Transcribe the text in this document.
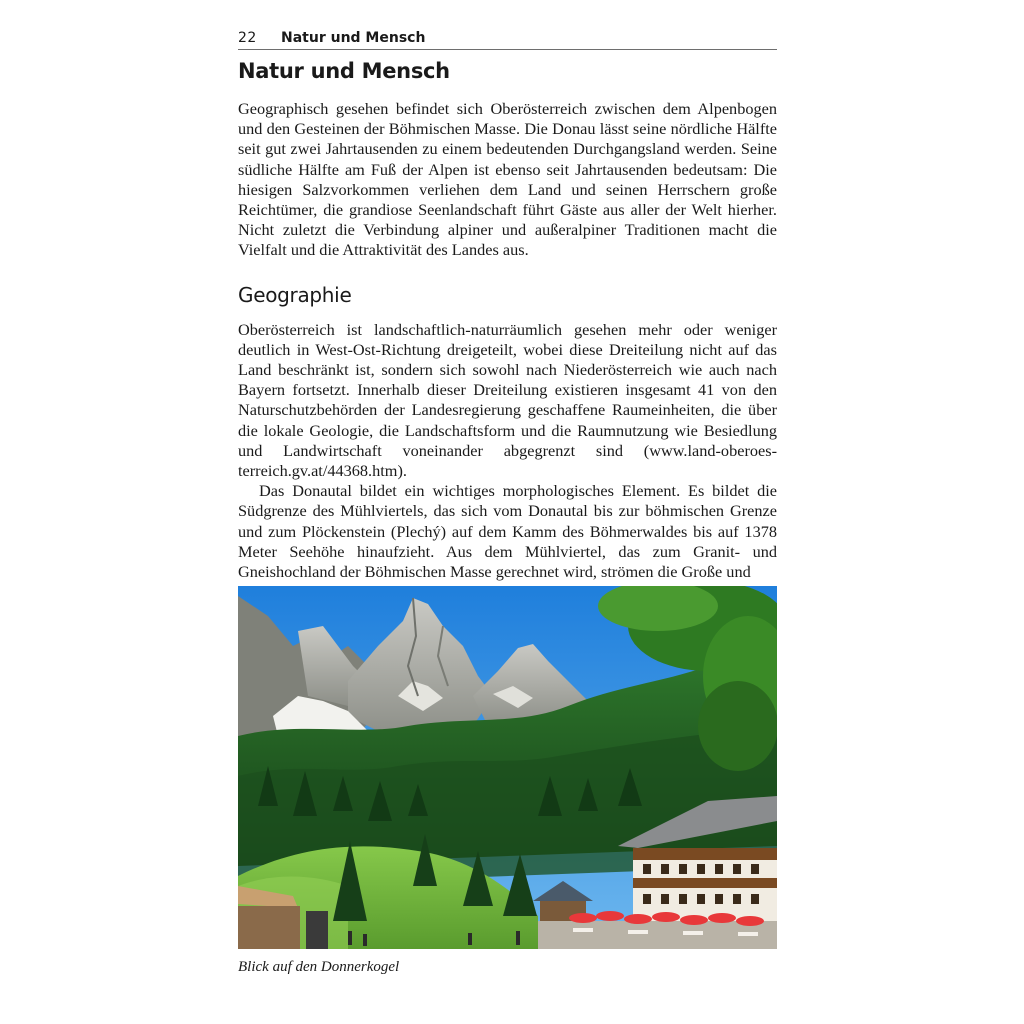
22 Natur und Mensch
Natur und Mensch

Geographisch gesehen befindet sich Oberösterreich zwischen dem Alpenbogen und den Gesteinen der Böhmischen Masse. Die Donau lässt seine nördliche Hälfte seit gut zwei Jahrtausenden zu einem bedeutenden Durchgangsland werden. Seine südliche Hälfte am Fuß der Alpen ist ebenso seit Jahrtausenden bedeutsam: Die hiesigen Salzvorkommen verliehen dem Land und seinen Herrschern große Reichtümer, die grandiose Seenlandschaft führt Gäste aus aller der Welt hierher. Nicht zuletzt die Verbindung alpiner und außeralpiner Traditionen macht die Vielfalt und die Attraktivität des Landes aus.

Geographie

Oberösterreich ist landschaftlich-naturräumlich gesehen mehr oder weniger deutlich in West-Ost-Richtung dreigeteilt, wobei diese Dreiteilung nicht auf das Land beschränkt ist, sondern sich sowohl nach Niederösterreich wie auch nach Bayern fortsetzt. Innerhalb dieser Dreiteilung existieren insgesamt 41 von den Naturschutzbehörden der Landesregierung geschaffene Raumeinheiten, die über die lokale Geologie, die Landschaftsform und die Raumnutzung wie Besiedlung und Landwirtschaft voneinander abgegrenzt sind (www.land-oberoesterreich.gv.at/44368.htm).

Das Donautal bildet ein wichtiges morphologisches Element. Es bildet die Südgrenze des Mühlviertels, das sich vom Donautal bis zur böhmischen Grenze und zum Plöckenstein (Plechý) auf dem Kamm des Böhmerwaldes bis auf 1378 Meter Seehöhe hinaufzieht. Aus dem Mühlviertel, das zum Granit- und Gneishochland der Böhmischen Masse gerechnet wird, strömen die Große und

Blick auf den Donnerkogel
